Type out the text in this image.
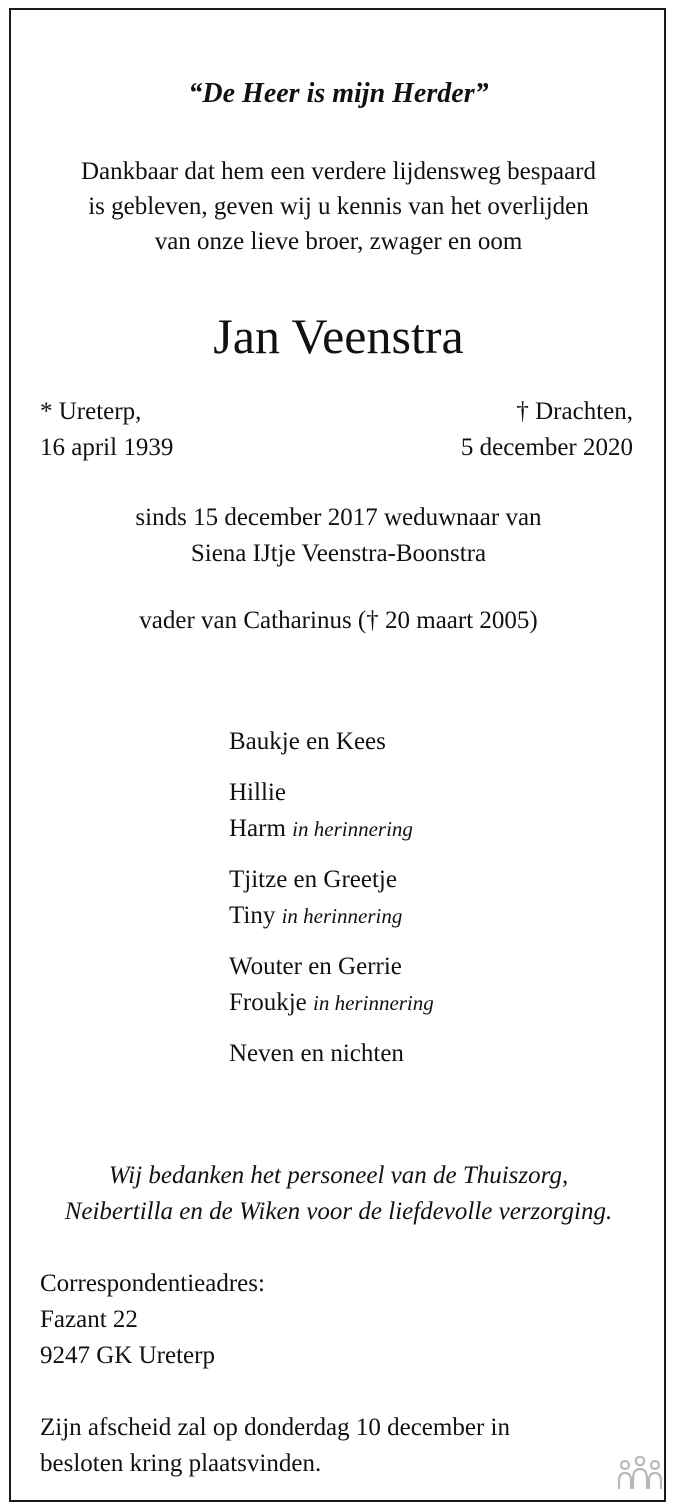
“De Heer is mijn Herder”

Dankbaar dat hem een verdere lijdensweg bespaard
is gebleven, geven wij u kennis van het overlijden
van onze lieve broer, zwager en oom
Jan Veenstra
* Ureterp,
16 april 1939
† Drachten,
5 december 2020
sinds 15 december 2017 weduwnaar van
Siena IJtje Veenstra-Boonstra
vader van Catharinus († 20 maart 2005)
Baukje en Kees
Hillie
Harm in herinnering
Tjitze en Greetje
Tiny in herinnering
Wouter en Gerrie
Froukje in herinnering
Neven en nichten
Wij bedanken het personeel van de Thuiszorg,
Neibertilla en de Wiken voor de liefdevolle verzorging.
Correspondentieadres:
Fazant 22
9247 GK Ureterp
Zijn afscheid zal op donderdag 10 december in
besloten kring plaatsvinden.
